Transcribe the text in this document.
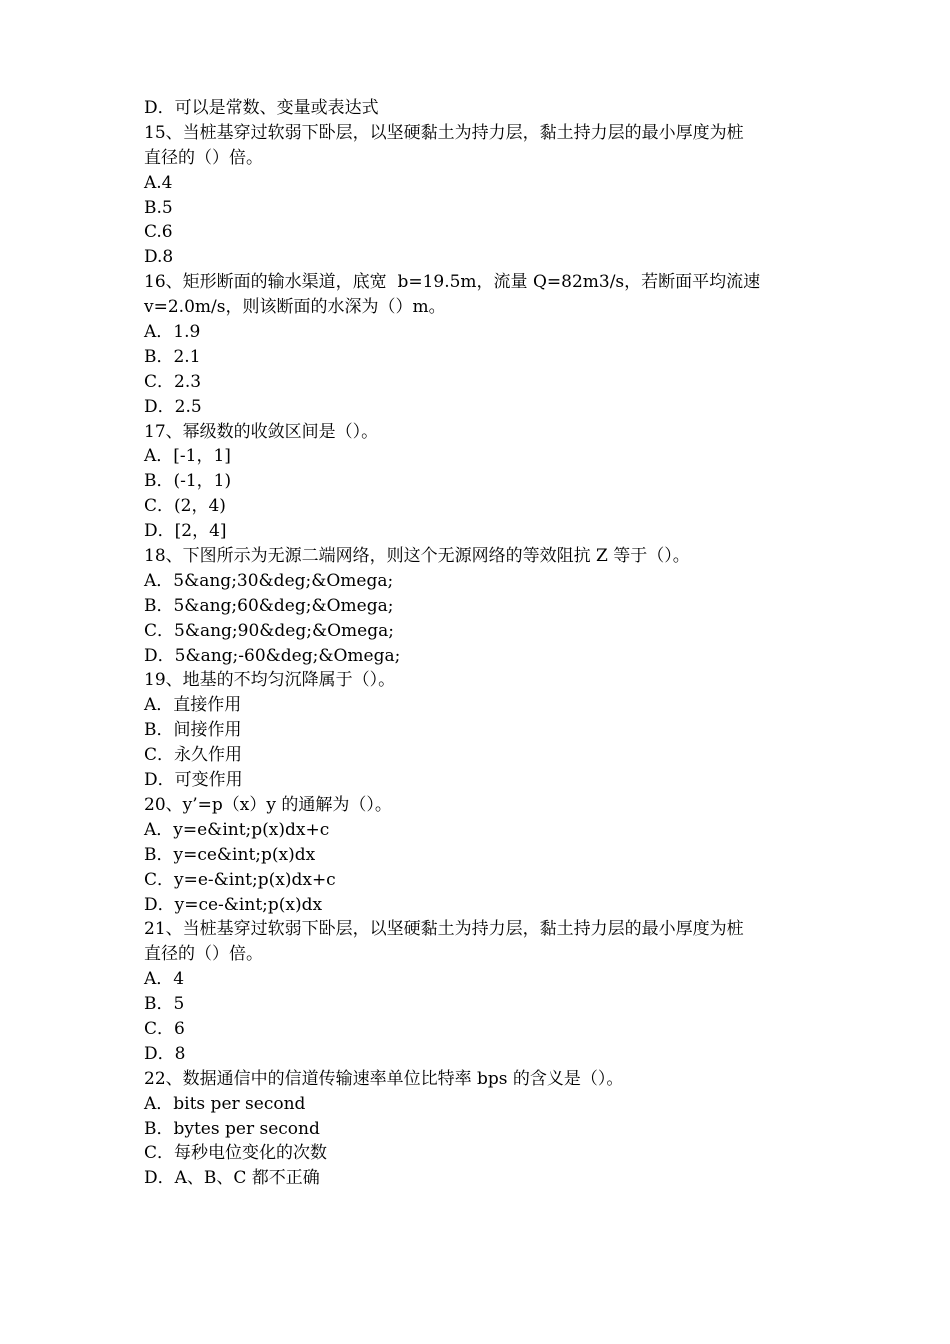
D．可以是常数、变量或表达式
15、当桩基穿过软弱下卧层，以坚硬黏土为持力层，黏土持力层的最小厚度为桩
直径的（）倍。
A.4
B.5
C.6
D.8
16、矩形断面的输水渠道，底宽  b=19.5m，流量 Q=82m3/s，若断面平均流速
v=2.0m/s，则该断面的水深为（）m。
A．1.9
B．2.1
C．2.3
D．2.5
17、幂级数的收敛区间是（）。
A．[-1，1]
B．(-1，1)
C．(2，4)
D．[2，4]
18、下图所示为无源二端网络，则这个无源网络的等效阻抗 Z 等于（）。
A．5&ang;30&deg;&Omega;
B．5&ang;60&deg;&Omega;
C．5&ang;90&deg;&Omega;
D．5&ang;-60&deg;&Omega;
19、地基的不均匀沉降属于（）。
A．直接作用
B．间接作用
C．永久作用
D．可变作用
20、y’=p（x）y 的通解为（）。
A．y=e&int;p(x)dx+c
B．y=ce&int;p(x)dx
C．y=e-&int;p(x)dx+c
D．y=ce-&int;p(x)dx
21、当桩基穿过软弱下卧层，以坚硬黏土为持力层，黏土持力层的最小厚度为桩
直径的（）倍。
A．4
B．5
C．6
D．8
22、数据通信中的信道传输速率单位比特率 bps 的含义是（）。
A．bits per second
B．bytes per second
C．每秒电位变化的次数
D．A、B、C 都不正确
